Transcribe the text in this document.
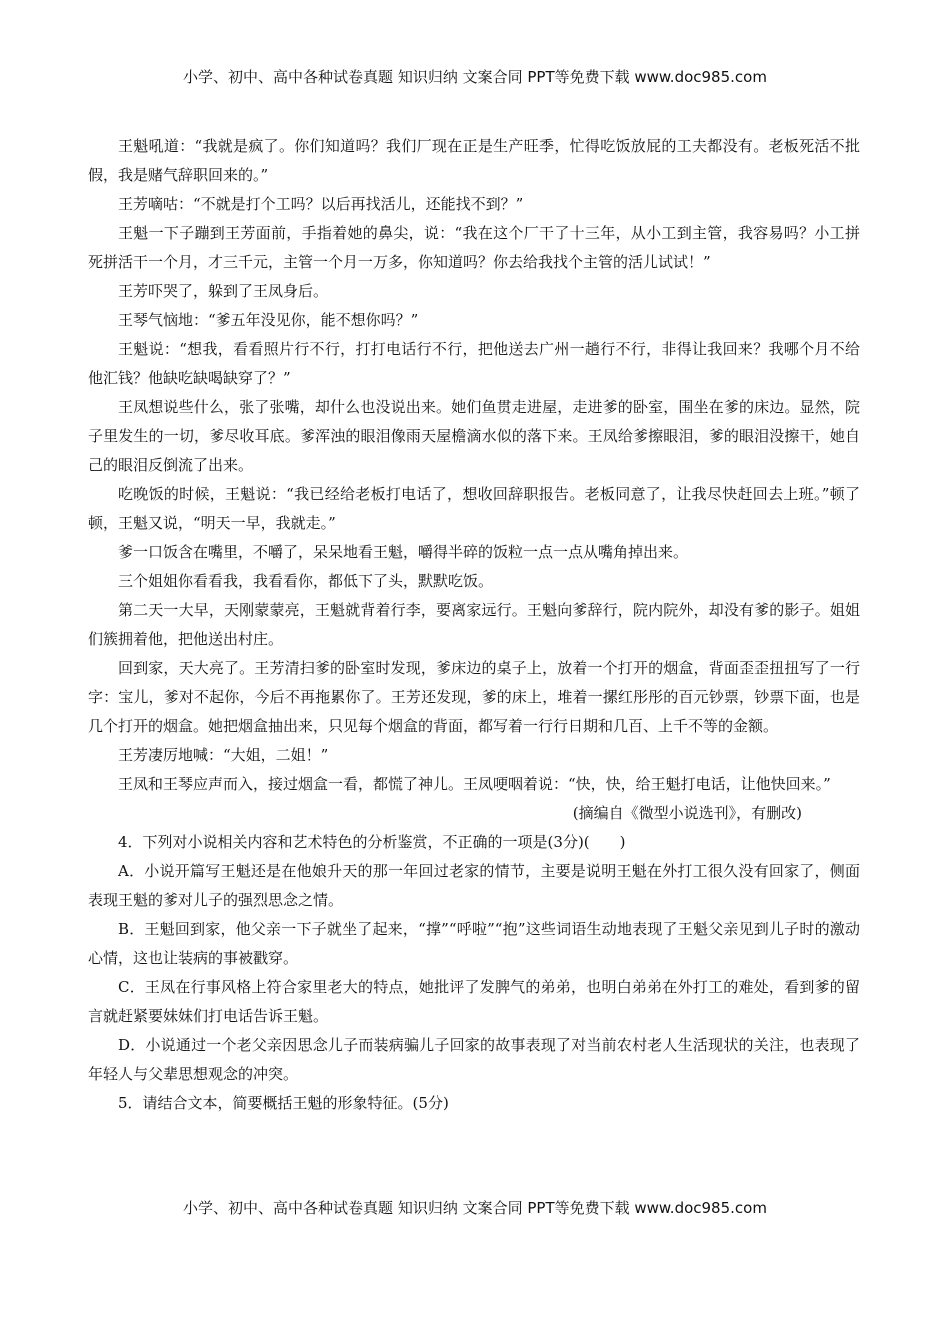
小学、初中、高中各种试卷真题 知识归纳 文案合同 PPT等免费下载 www.doc985.com

王魁吼道：“我就是疯了。你们知道吗？我们厂现在正是生产旺季，忙得吃饭放屁的工夫都没有。老板死活不批假，我是赌气辞职回来的。”

王芳嘀咕：“不就是打个工吗？以后再找活儿，还能找不到？”

王魁一下子蹦到王芳面前，手指着她的鼻尖，说：“我在这个厂干了十三年，从小工到主管，我容易吗？小工拼死拼活干一个月，才三千元，主管一个月一万多，你知道吗？你去给我找个主管的活儿试试！”

王芳吓哭了，躲到了王凤身后。

王琴气恼地：“爹五年没见你，能不想你吗？”

王魁说：“想我，看看照片行不行，打打电话行不行，把他送去广州一趟行不行，非得让我回来？我哪个月不给他汇钱？他缺吃缺喝缺穿了？”

王凤想说些什么，张了张嘴，却什么也没说出来。她们鱼贯走进屋，走进爹的卧室，围坐在爹的床边。显然，院子里发生的一切，爹尽收耳底。爹浑浊的眼泪像雨天屋檐滴水似的落下来。王凤给爹擦眼泪，爹的眼泪没擦干，她自己的眼泪反倒流了出来。

吃晚饭的时候，王魁说：“我已经给老板打电话了，想收回辞职报告。老板同意了，让我尽快赶回去上班。”顿了顿，王魁又说，“明天一早，我就走。”

爹一口饭含在嘴里，不嚼了，呆呆地看王魁，嚼得半碎的饭粒一点一点从嘴角掉出来。

三个姐姐你看看我，我看看你，都低下了头，默默吃饭。

第二天一大早，天刚蒙蒙亮，王魁就背着行李，要离家远行。王魁向爹辞行，院内院外，却没有爹的影子。姐姐们簇拥着他，把他送出村庄。

回到家，天大亮了。王芳清扫爹的卧室时发现，爹床边的桌子上，放着一个打开的烟盒，背面歪歪扭扭写了一行字：宝儿，爹对不起你，今后不再拖累你了。王芳还发现，爹的床上，堆着一摞红彤彤的百元钞票，钞票下面，也是几个打开的烟盒。她把烟盒抽出来，只见每个烟盒的背面，都写着一行行日期和几百、上千不等的金额。

王芳凄厉地喊：“大姐，二姐！”

王凤和王琴应声而入，接过烟盒一看，都慌了神儿。王凤哽咽着说：“快，快，给王魁打电话，让他快回来。”

(摘编自《微型小说选刊》，有删改)

4．下列对小说相关内容和艺术特色的分析鉴赏，不正确的一项是(3分)(　　)

A．小说开篇写王魁还是在他娘升天的那一年回过老家的情节，主要是说明王魁在外打工很久没有回家了，侧面表现王魁的爹对儿子的强烈思念之情。

B．王魁回到家，他父亲一下子就坐了起来，“撑”“呼啦”“抱”这些词语生动地表现了王魁父亲见到儿子时的激动心情，这也让装病的事被戳穿。

C．王凤在行事风格上符合家里老大的特点，她批评了发脾气的弟弟，也明白弟弟在外打工的难处，看到爹的留言就赶紧要妹妹们打电话告诉王魁。

D．小说通过一个老父亲因思念儿子而装病骗儿子回家的故事表现了对当前农村老人生活现状的关注，也表现了年轻人与父辈思想观念的冲突。

5．请结合文本，简要概括王魁的形象特征。(5分)

小学、初中、高中各种试卷真题 知识归纳 文案合同 PPT等免费下载 www.doc985.com
